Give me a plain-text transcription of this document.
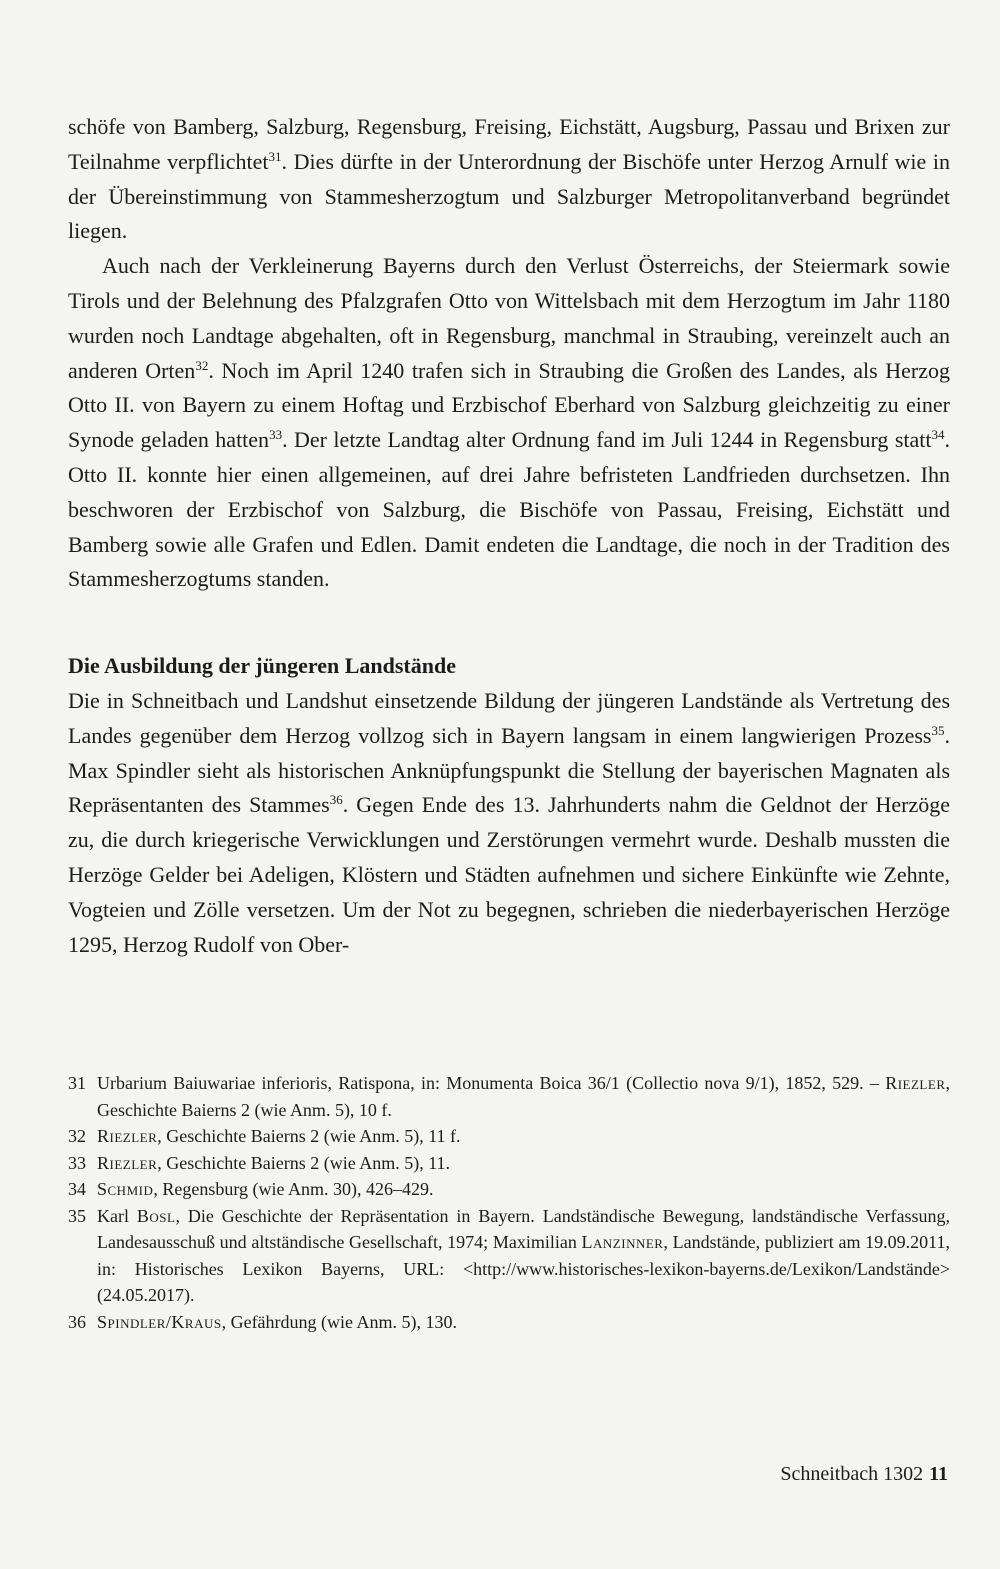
schöfe von Bamberg, Salzburg, Regensburg, Freising, Eichstätt, Augsburg, Passau und Brixen zur Teilnahme verpflichtet$^{31}$. Dies dürfte in der Unterordnung der Bischöfe unter Herzog Arnulf wie in der Übereinstimmung von Stammesherzogtum und Salzburger Metropolitanverband begründet liegen.

Auch nach der Verkleinerung Bayerns durch den Verlust Österreichs, der Steiermark sowie Tirols und der Belehnung des Pfalzgrafen Otto von Wittelsbach mit dem Herzogtum im Jahr 1180 wurden noch Landtage abgehalten, oft in Regensburg, manchmal in Straubing, vereinzelt auch an anderen Orten$^{32}$. Noch im April 1240 trafen sich in Straubing die Großen des Landes, als Herzog Otto II. von Bayern zu einem Hoftag und Erzbischof Eberhard von Salzburg gleichzeitig zu einer Synode geladen hatten$^{33}$. Der letzte Landtag alter Ordnung fand im Juli 1244 in Regensburg statt$^{34}$. Otto II. konnte hier einen allgemeinen, auf drei Jahre befristeten Landfrieden durchsetzen. Ihn beschworen der Erzbischof von Salzburg, die Bischöfe von Passau, Freising, Eichstätt und Bamberg sowie alle Grafen und Edlen. Damit endeten die Landtage, die noch in der Tradition des Stammesherzogtums standen.

Die Ausbildung der jüngeren Landstände

Die in Schneitbach und Landshut einsetzende Bildung der jüngeren Landstände als Vertretung des Landes gegenüber dem Herzog vollzog sich in Bayern langsam in einem langwierigen Prozess$^{35}$. Max Spindler sieht als historischen Anknüpfungspunkt die Stellung der bayerischen Magnaten als Repräsentanten des Stammes$^{36}$. Gegen Ende des 13. Jahrhunderts nahm die Geldnot der Herzöge zu, die durch kriegerische Verwicklungen und Zerstörungen vermehrt wurde. Deshalb mussten die Herzöge Gelder bei Adeligen, Klöstern und Städten aufnehmen und sichere Einkünfte wie Zehnte, Vogteien und Zölle versetzen. Um der Not zu begegnen, schrieben die niederbayerischen Herzöge 1295, Herzog Rudolf von Ober-

31 Urbarium Baiuwariae inferioris, Ratispona, in: Monumenta Boica 36/1 (Collectio nova 9/1), 1852, 529. – Riezler, Geschichte Baierns 2 (wie Anm. 5), 10 f.
32 Riezler, Geschichte Baierns 2 (wie Anm. 5), 11 f.
33 Riezler, Geschichte Baierns 2 (wie Anm. 5), 11.
34 Schmid, Regensburg (wie Anm. 30), 426–429.
35 Karl Bosl, Die Geschichte der Repräsentation in Bayern. Landständische Bewegung, landständische Verfassung, Landesausschuß und altständische Gesellschaft, 1974; Maximilian Lanzinner, Landstände, publiziert am 19.09.2011, in: Historisches Lexikon Bayerns, URL: <http://www.historisches-lexikon-bayerns.de/Lexikon/Landstände> (24.05.2017).
36 Spindler/Kraus, Gefährdung (wie Anm. 5), 130.
Schneitbach 1302 11
